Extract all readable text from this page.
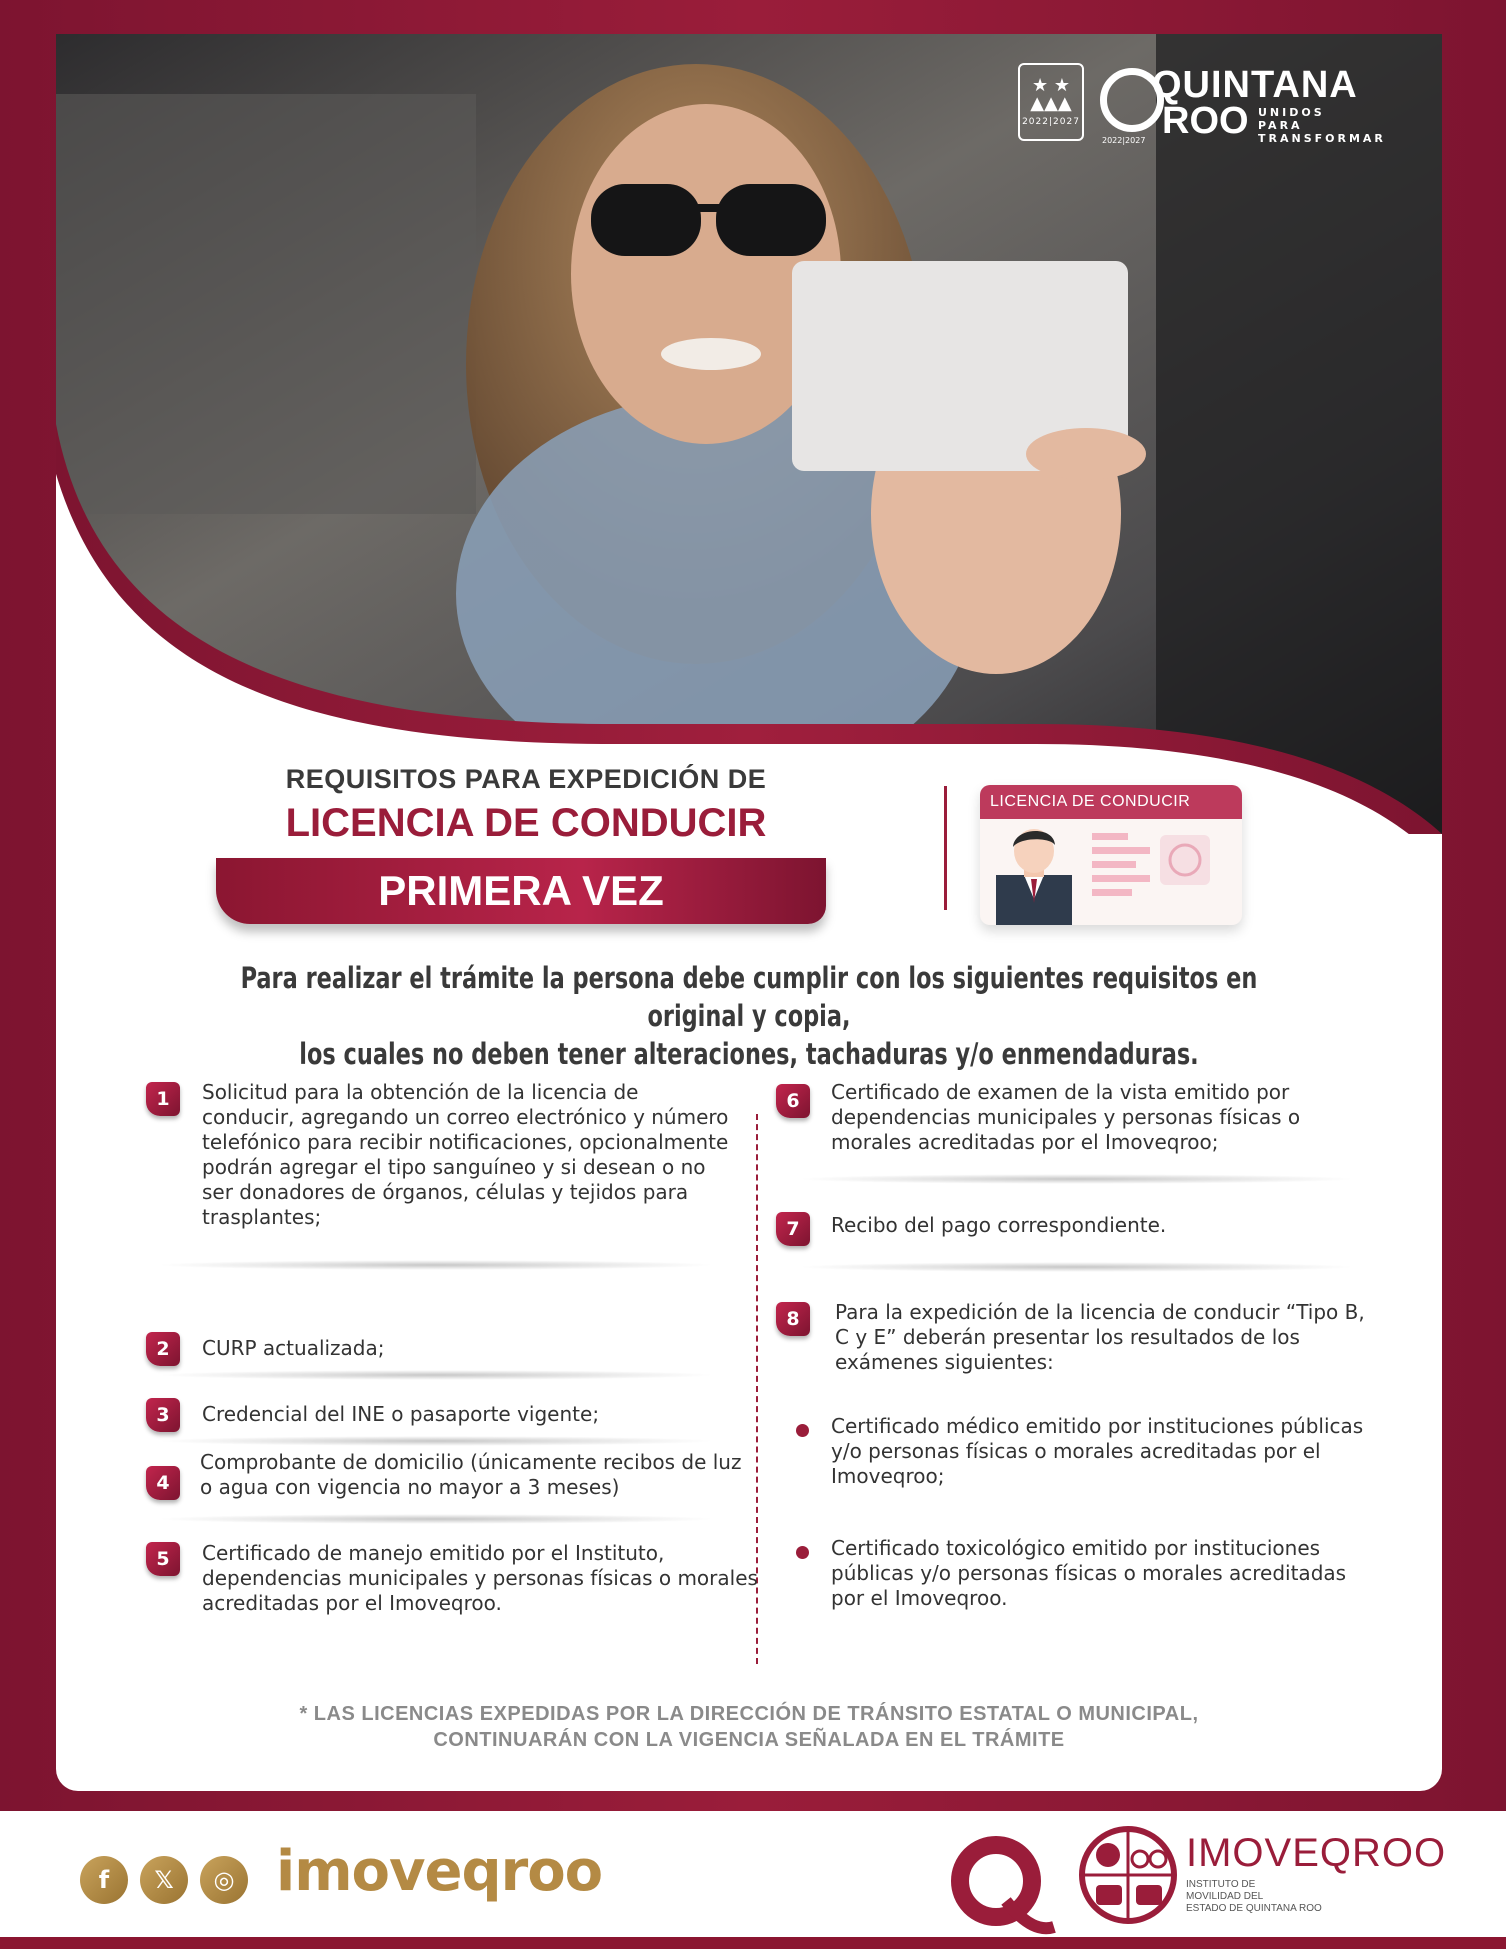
★ ★
▲▲▲
2022|2027
QUINTANA
ROO UNIDOS PARA TRANSFORMAR
2022|2027
REQUISITOS PARA EXPEDICIÓN DE
LICENCIA DE CONDUCIR
PRIMERA VEZ
LICENCIA DE CONDUCIR
Para realizar el trámite la persona debe cumplir con los siguientes requisitos en original y copia,
los cuales no deben tener alteraciones, tachaduras y/o enmendaduras.
1	Solicitud para la obtención de la licencia de conducir, agregando un correo electrónico y número telefónico para recibir notificaciones, opcionalmente podrán agregar el tipo sanguíneo y si desean o no ser donadores de órganos, células y tejidos para trasplantes;
2	CURP actualizada;
3	Credencial del INE o pasaporte vigente;
4
Comprobante de domicilio (únicamente recibos de luz o agua con vigencia no mayor a 3 meses)
5	Certificado de manejo emitido por el Instituto, dependencias municipales y personas físicas o morales acreditadas por el Imoveqroo.
6	Certificado de examen de la vista emitido por dependencias municipales y personas físicas o morales acreditadas por el Imoveqroo;
7	Recibo del pago correspondiente.
8	Para la expedición de la licencia de conducir “Tipo B, C y E” deberán presentar los resultados de los exámenes siguientes:
Certificado médico emitido por instituciones públicas y/o personas físicas o morales acreditadas por el Imoveqroo;
Certificado toxicológico emitido por instituciones públicas y/o personas físicas o morales acreditadas por el Imoveqroo.
* LAS LICENCIAS EXPEDIDAS POR LA DIRECCIÓN DE TRÁNSITO ESTATAL O MUNICIPAL,
CONTINUARÁN CON LA VIGENCIA SEÑALADA EN EL TRÁMITE
f	𝕏	◎ imoveqroo	IMOVEQROO
INSTITUTO DE
MOVILIDAD DEL
ESTADO DE QUINTANA ROO
